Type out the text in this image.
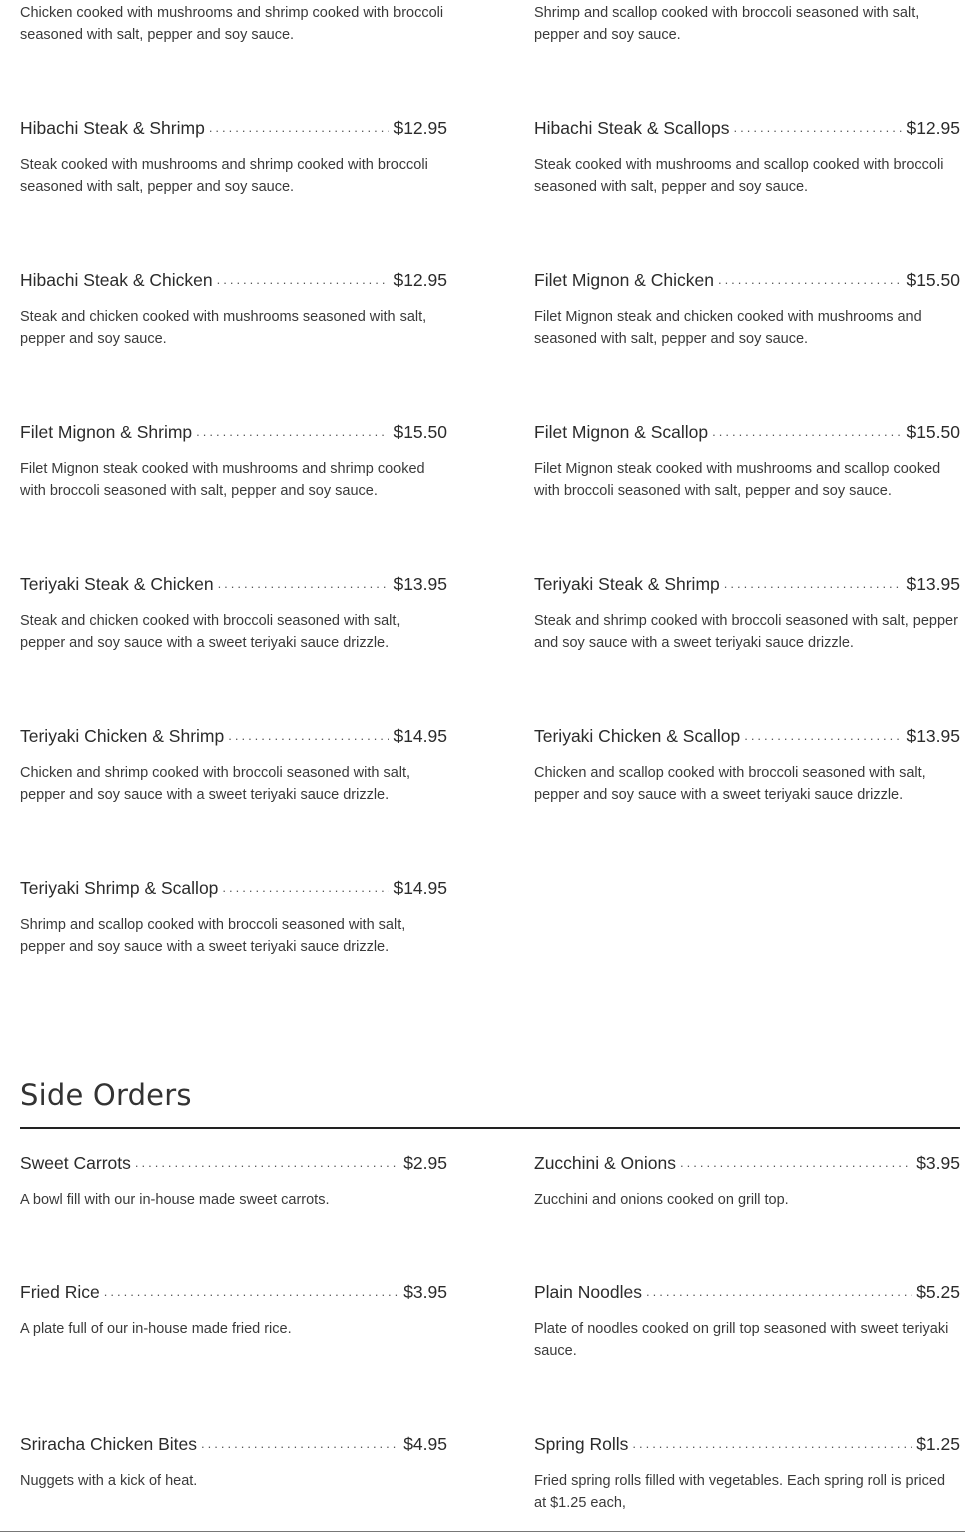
Chicken cooked with mushrooms and shrimp cooked with broccoli seasoned with salt, pepper and soy sauce.

Shrimp and scallop cooked with broccoli seasoned with salt, pepper and soy sauce.

Hibachi Steak & Shrimp .....	$12.95

Steak cooked with mushrooms and shrimp cooked with broccoli seasoned with salt, pepper and soy sauce.

Hibachi Steak & Scallops .....	$12.95

Steak cooked with mushrooms and scallop cooked with broccoli seasoned with salt, pepper and soy sauce.

Hibachi Steak & Chicken .....	$12.95

Steak and chicken cooked with mushrooms seasoned with salt, pepper and soy sauce.

Filet Mignon & Chicken .....	$15.50

Filet Mignon steak and chicken cooked with mushrooms and seasoned with salt, pepper and soy sauce.

Filet Mignon & Shrimp .....	$15.50

Filet Mignon steak cooked with mushrooms and shrimp cooked with broccoli seasoned with salt, pepper and soy sauce.

Filet Mignon & Scallop .....	$15.50

Filet Mignon steak cooked with mushrooms and scallop cooked with broccoli seasoned with salt, pepper and soy sauce.

Teriyaki Steak & Chicken .....	$13.95

Steak and chicken cooked with broccoli seasoned with salt, pepper and soy sauce with a sweet teriyaki sauce drizzle.

Teriyaki Steak & Shrimp .....	$13.95

Steak and shrimp cooked with broccoli seasoned with salt, pepper and soy sauce with a sweet teriyaki sauce drizzle.

Teriyaki Chicken & Shrimp .....	$14.95

Chicken and shrimp cooked with broccoli seasoned with salt, pepper and soy sauce with a sweet teriyaki sauce drizzle.

Teriyaki Chicken & Scallop .....	$13.95

Chicken and scallop cooked with broccoli seasoned with salt, pepper and soy sauce with a sweet teriyaki sauce drizzle.

Teriyaki Shrimp & Scallop .....	$14.95

Shrimp and scallop cooked with broccoli seasoned with salt, pepper and soy sauce with a sweet teriyaki sauce drizzle.

Side Orders
Sweet Carrots .....	$2.95

A bowl fill with our in-house made sweet carrots.

Zucchini & Onions .....	$3.95

Zucchini and onions cooked on grill top.

Fried Rice .....	$3.95

A plate full of our in-house made fried rice.

Plain Noodles .....	$5.25

Plate of noodles cooked on grill top seasoned with sweet teriyaki sauce.

Sriracha Chicken Bites .....	$4.95

Nuggets with a kick of heat.

Spring Rolls .....	$1.25

Fried spring rolls filled with vegetables. Each spring roll is priced at $1.25 each,
